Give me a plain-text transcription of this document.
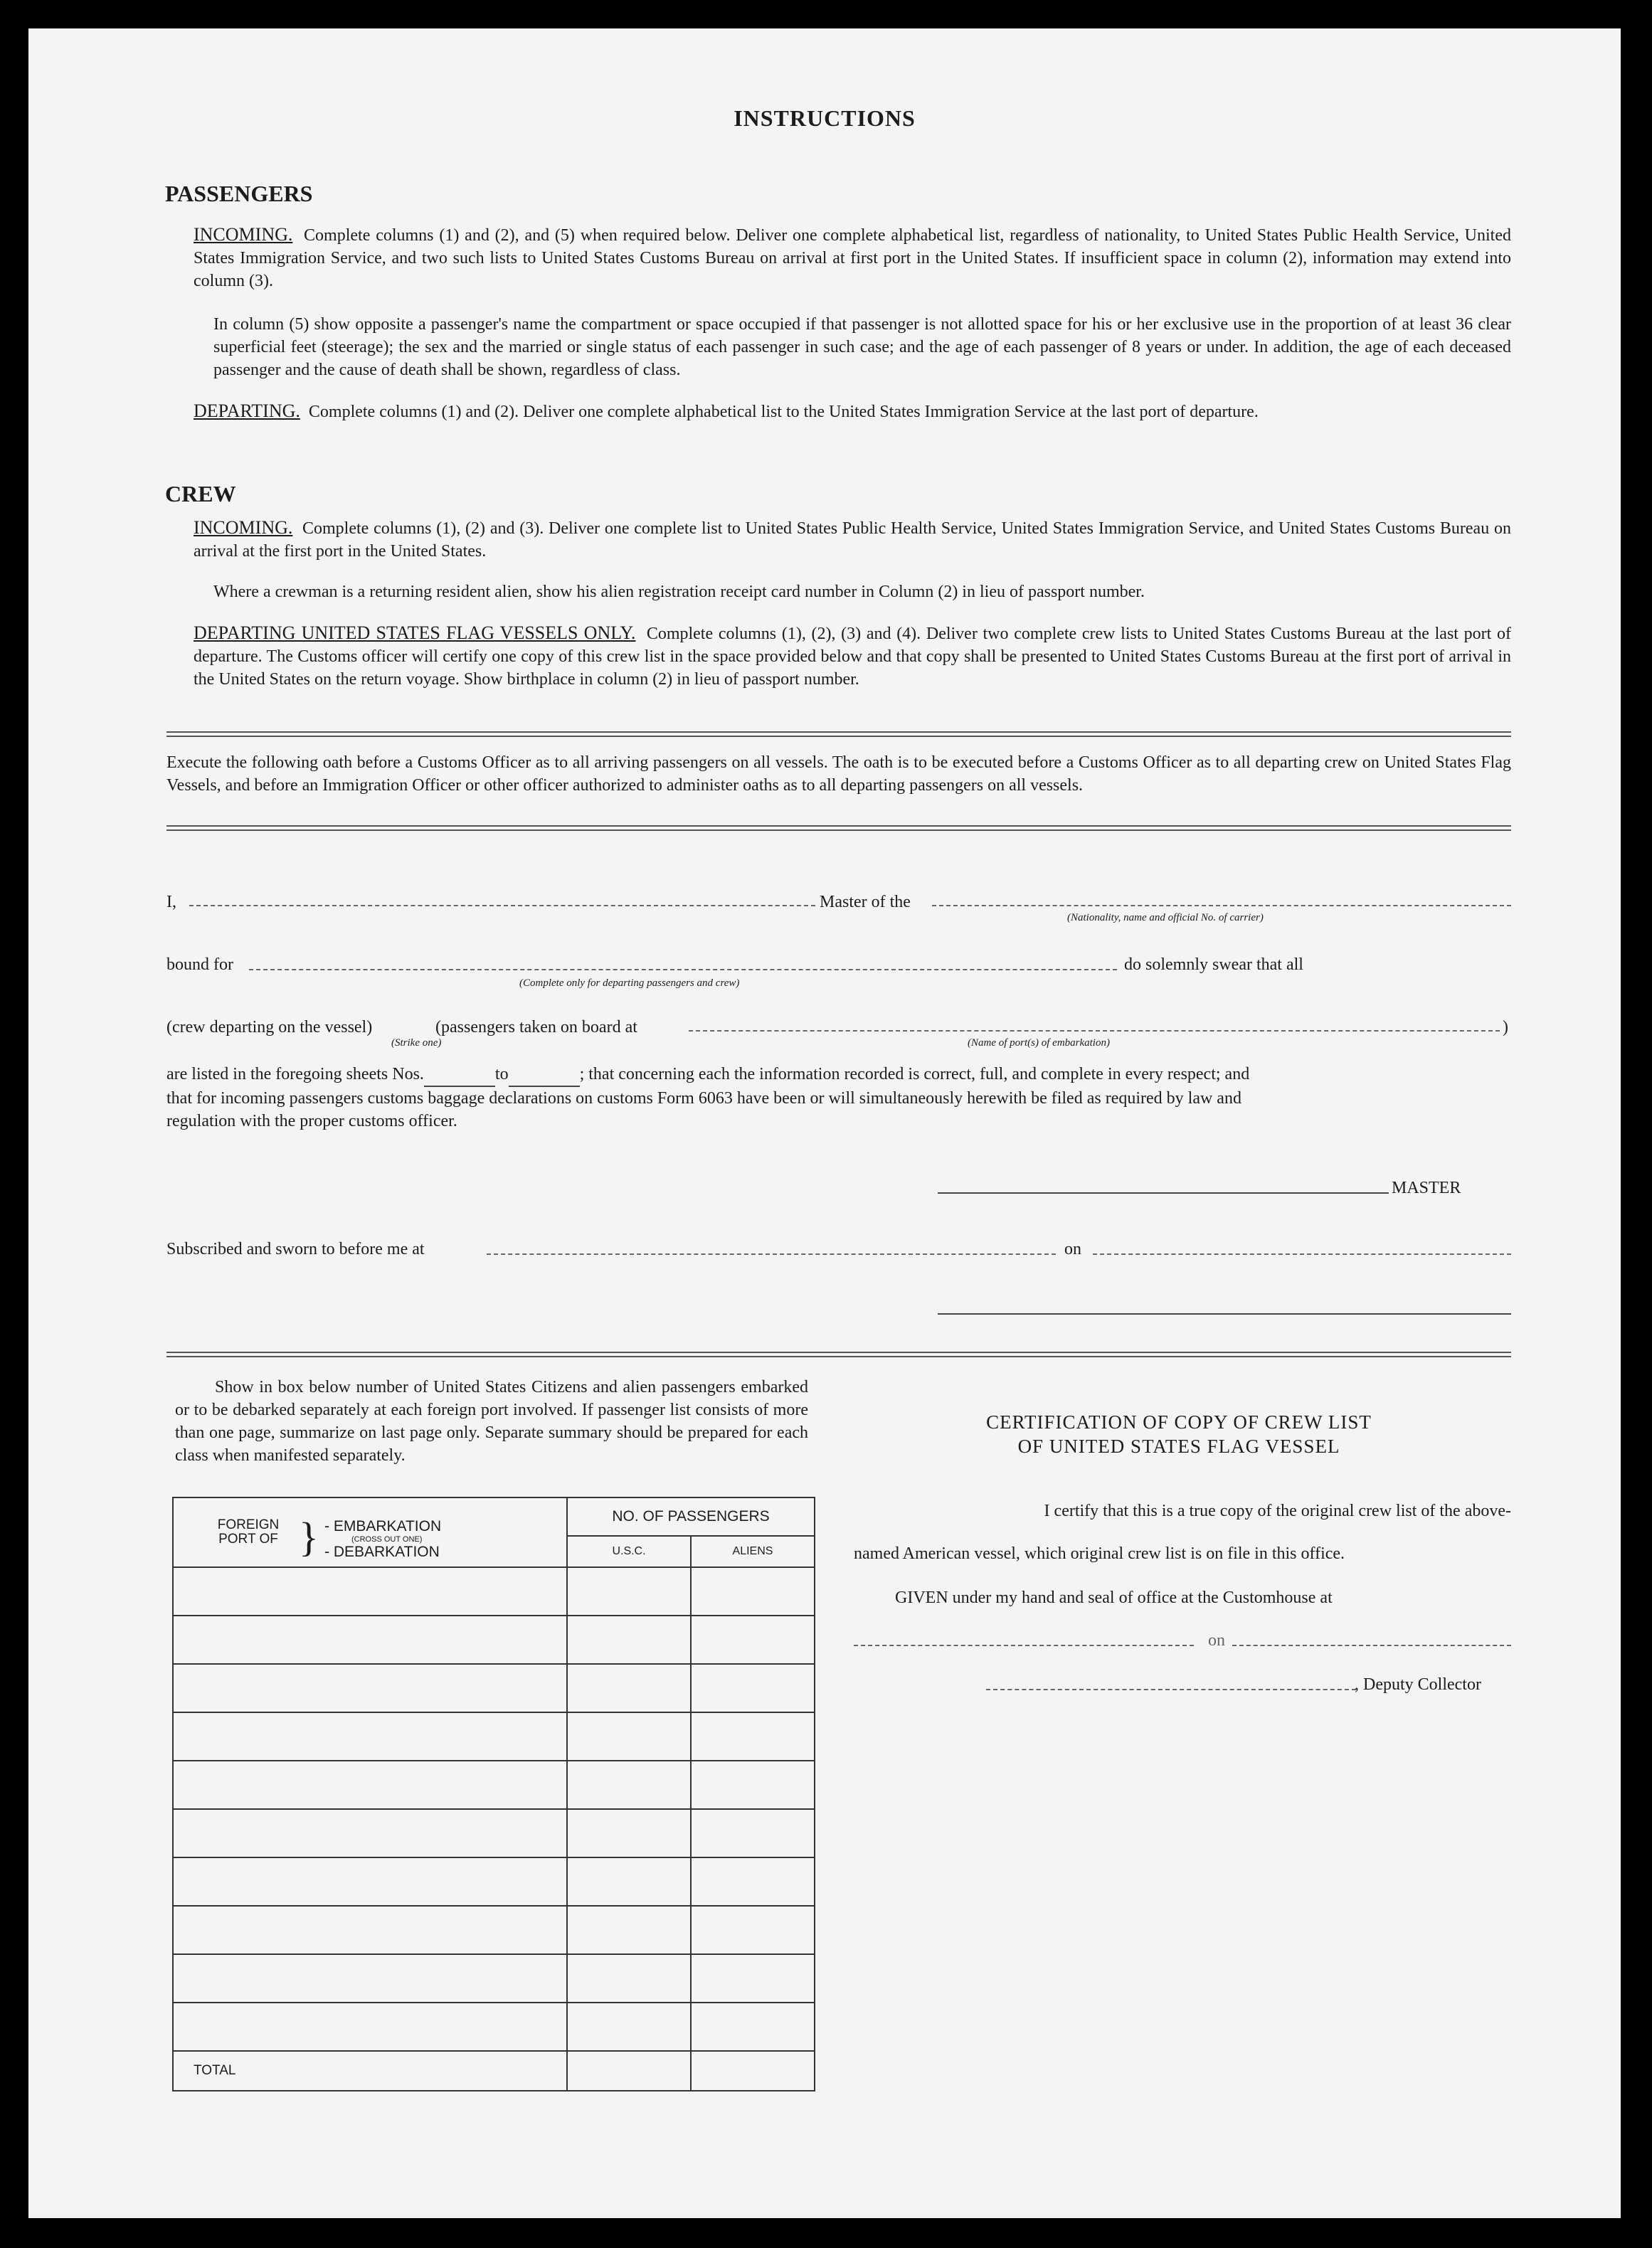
INSTRUCTIONS
PASSENGERS
INCOMING. Complete columns (1) and (2), and (5) when required below. Deliver one complete alphabetical list, regardless of nationality, to United States Public Health Service, United States Immigration Service, and two such lists to United States Customs Bureau on arrival at first port in the United States. If insufficient space in column (2), information may extend into column (3).
In column (5) show opposite a passenger's name the compartment or space occupied if that passenger is not allotted space for his or her exclusive use in the proportion of at least 36 clear superficial feet (steerage); the sex and the married or single status of each passenger in such case; and the age of each passenger of 8 years or under. In addition, the age of each deceased passenger and the cause of death shall be shown, regardless of class.
DEPARTING. Complete columns (1) and (2). Deliver one complete alphabetical list to the United States Immigration Service at the last port of departure.
CREW
INCOMING. Complete columns (1), (2) and (3). Deliver one complete list to United States Public Health Service, United States Immigration Service, and United States Customs Bureau on arrival at the first port in the United States.
Where a crewman is a returning resident alien, show his alien registration receipt card number in Column (2) in lieu of passport number.
DEPARTING UNITED STATES FLAG VESSELS ONLY. Complete columns (1), (2), (3) and (4). Deliver two complete crew lists to United States Customs Bureau at the last port of departure. The Customs officer will certify one copy of this crew list in the space provided below and that copy shall be presented to United States Customs Bureau at the first port of arrival in the United States on the return voyage. Show birthplace in column (2) in lieu of passport number.
Execute the following oath before a Customs Officer as to all arriving passengers on all vessels. The oath is to be executed before a Customs Officer as to all departing crew on United States Flag Vessels, and before an Immigration Officer or other officer authorized to administer oaths as to all departing passengers on all vessels.
I,	Master of the
(Nationality, name and official No. of carrier)
bound for
(Complete only for departing passengers and crew)
do solemnly swear that all
(crew departing on the vessel)
(Strike one)
(passengers taken on board at	)
(Name of port(s) of embarkation)
are listed in the foregoing sheets Nos.	to	; that concerning each the information recorded is correct, full, and complete in every respect; and
that for incoming passengers customs baggage declarations on customs Form 6063 have been or will simultaneously herewith be filed as required by law and
regulation with the proper customs officer.
MASTER
Subscribed and sworn to before me at	on
Show in box below number of United States Citizens and alien passengers embarked or to be debarked separately at each foreign port involved. If passenger list consists of more than one page, summarize on last page only. Separate summary should be prepared for each class when manifested separately.
FOREIGN PORT OF } - EMBARKATION
(CROSS OUT ONE)
- DEBARKATION	NO. OF PASSENGERS	
	U.S.C.	ALIENS

TOTAL		
CERTIFICATION OF COPY OF CREW LIST
OF UNITED STATES FLAG VESSEL
I certify that this is a true copy of the original crew list of the above-
named American vessel, which original crew list is on file in this office.
GIVEN under my hand and seal of office at the Customhouse at
on
, Deputy Collector
